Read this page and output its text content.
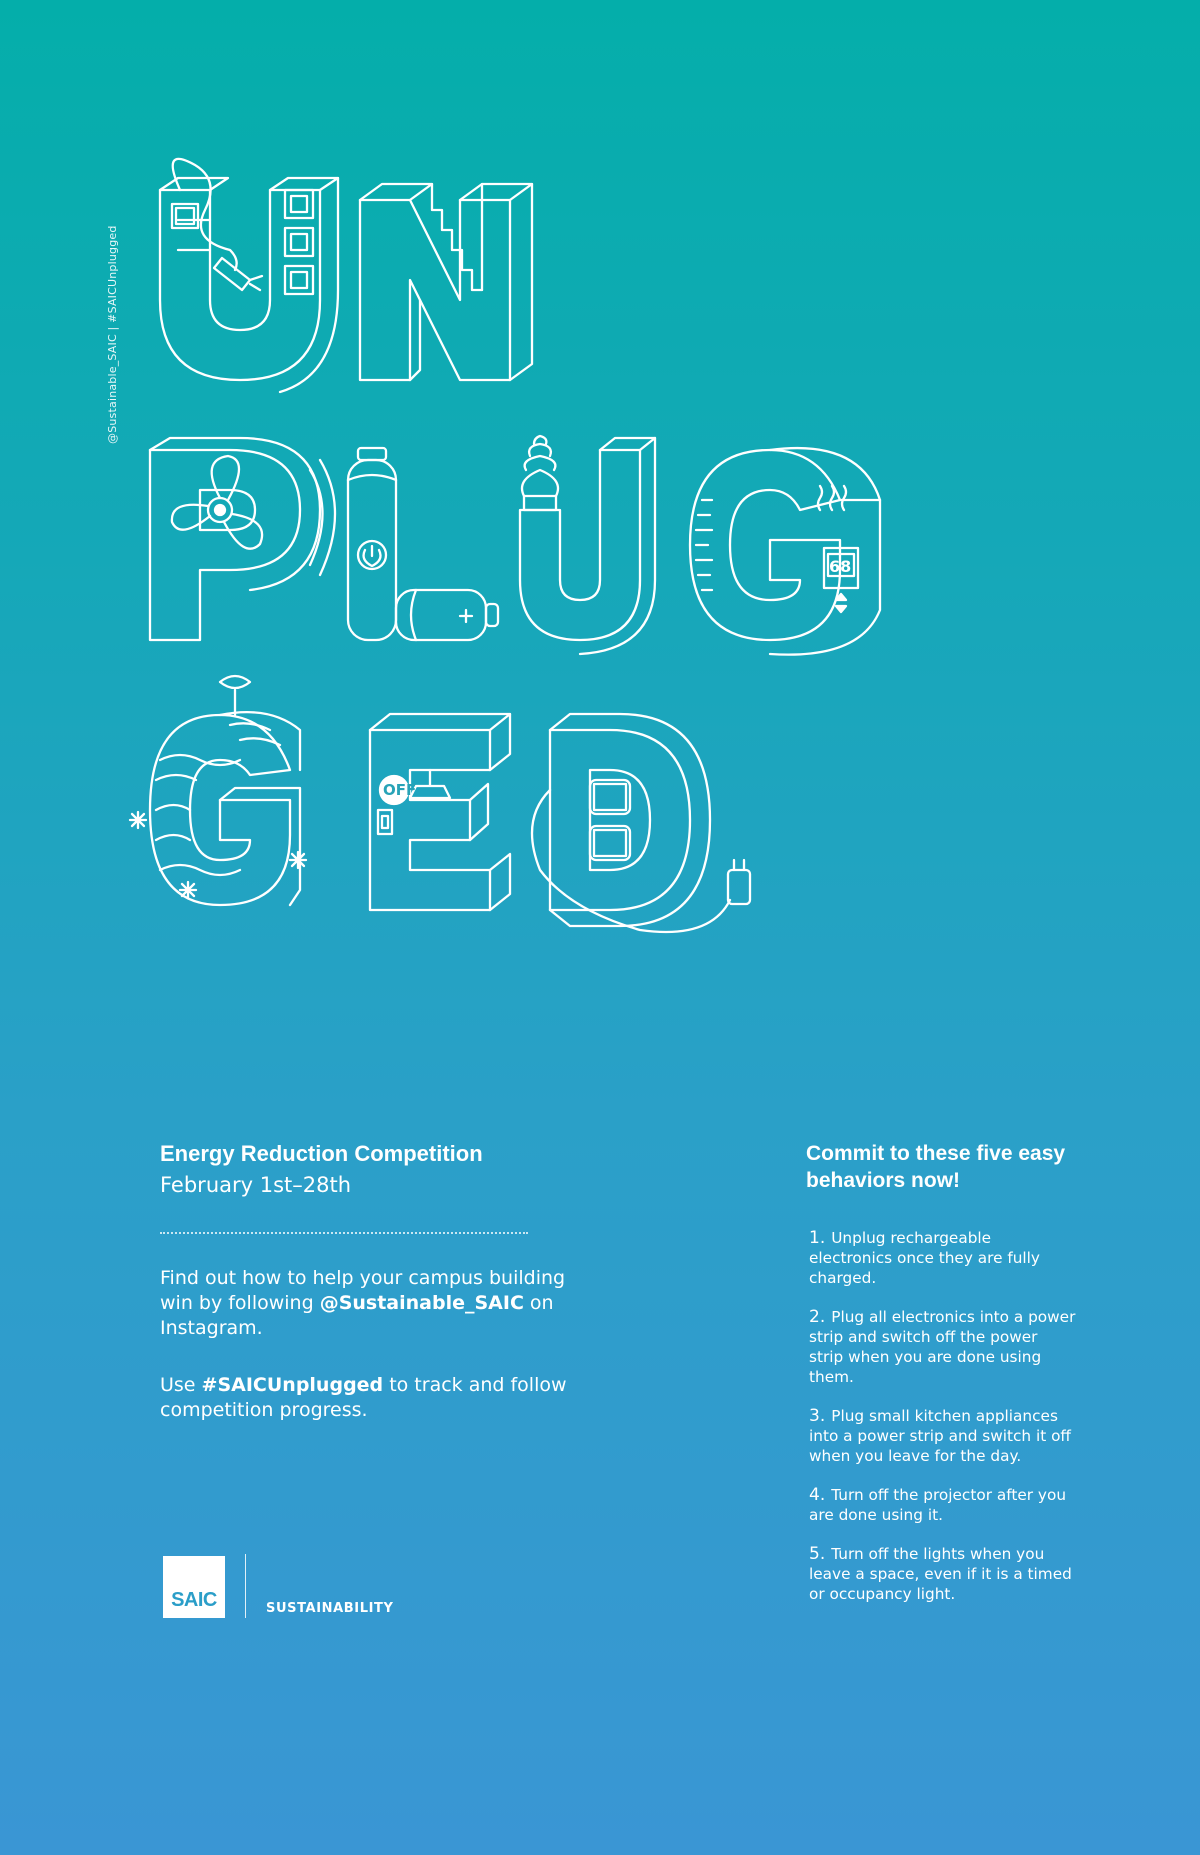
@Sustainable_SAIC | #SAICUnplugged
OFF
68
Energy Reduction Competition
February 1st–28th
Find out how to help your campus building win by following @Sustainable_SAIC on Instagram.
Use #SAICUnplugged to track and follow competition progress.
SAIC	SUSTAINABILITY
Commit to these five easy behaviors now!
1. Unplug rechargeable electronics once they are fully charged.
2. Plug all electronics into a power strip and switch off the power strip when you are done using them.
3. Plug small kitchen appliances into a power strip and switch it off when you leave for the day.
4. Turn off the projector after you are done using it.
5. Turn off the lights when you leave a space, even if it is a timed or occupancy light.
